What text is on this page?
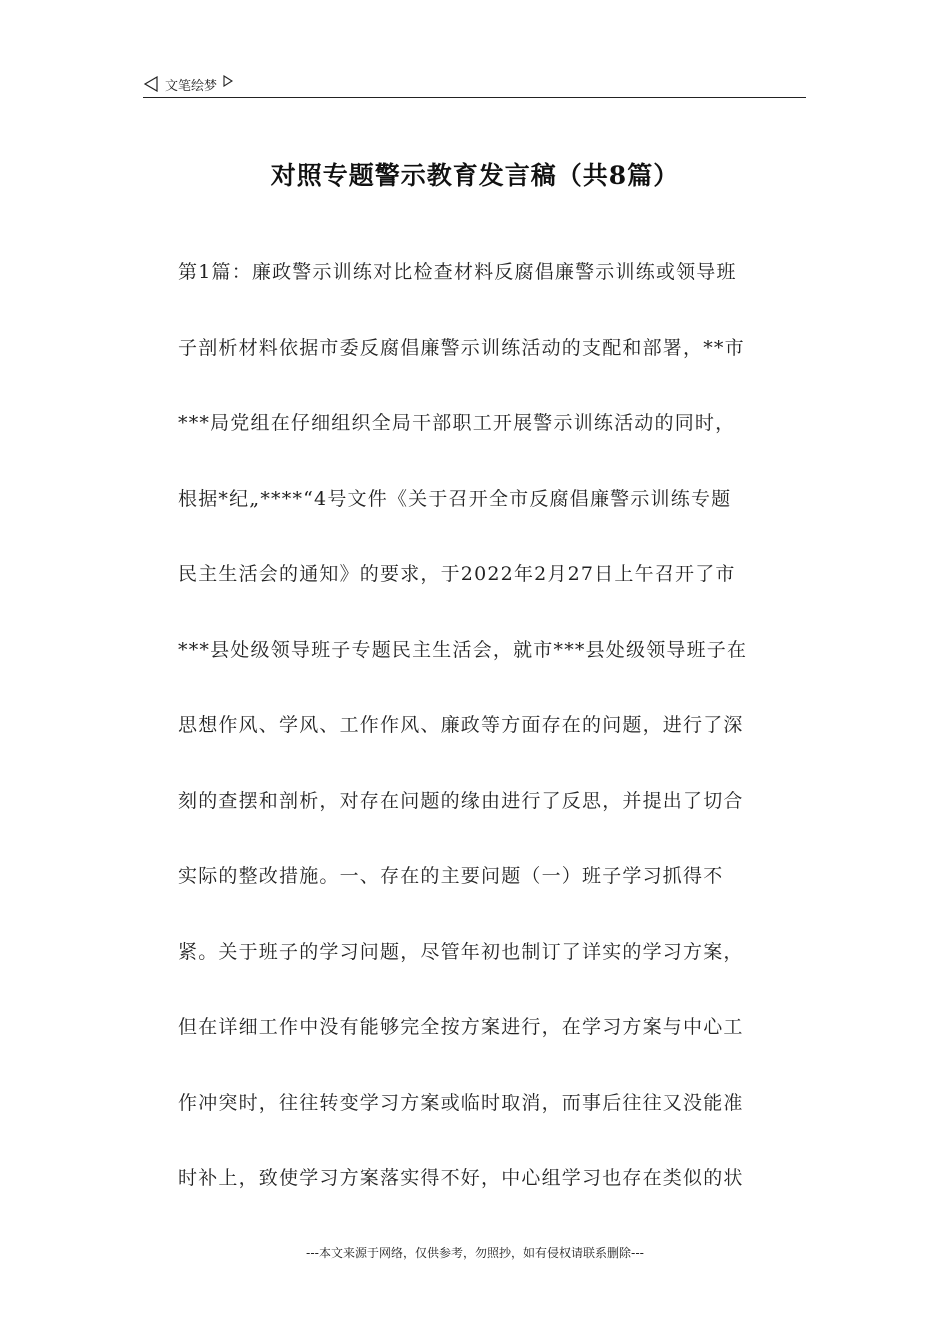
文笔绘梦
对照专题警示教育发言稿（共8篇）
第1篇：廉政警示训练对比检查材料反腐倡廉警示训练或领导班
子剖析材料依据市委反腐倡廉警示训练活动的支配和部署，**市
***局党组在仔细组织全局干部职工开展警示训练活动的同时，
根据*纪„****“4号文件《关于召开全市反腐倡廉警示训练专题
民主生活会的通知》的要求，于2022年2月27日上午召开了市
***县处级领导班子专题民主生活会，就市***县处级领导班子在
思想作风、学风、工作作风、廉政等方面存在的问题，进行了深
刻的查摆和剖析，对存在问题的缘由进行了反思，并提出了切合
实际的整改措施。一、存在的主要问题（一）班子学习抓得不
紧。关于班子的学习问题，尽管年初也制订了详实的学习方案，
但在详细工作中没有能够完全按方案进行，在学习方案与中心工
作冲突时，往往转变学习方案或临时取消，而事后往往又没能准
时补上，致使学习方案落实得不好，中心组学习也存在类似的状
---本文来源于网络，仅供参考，勿照抄，如有侵权请联系删除---
